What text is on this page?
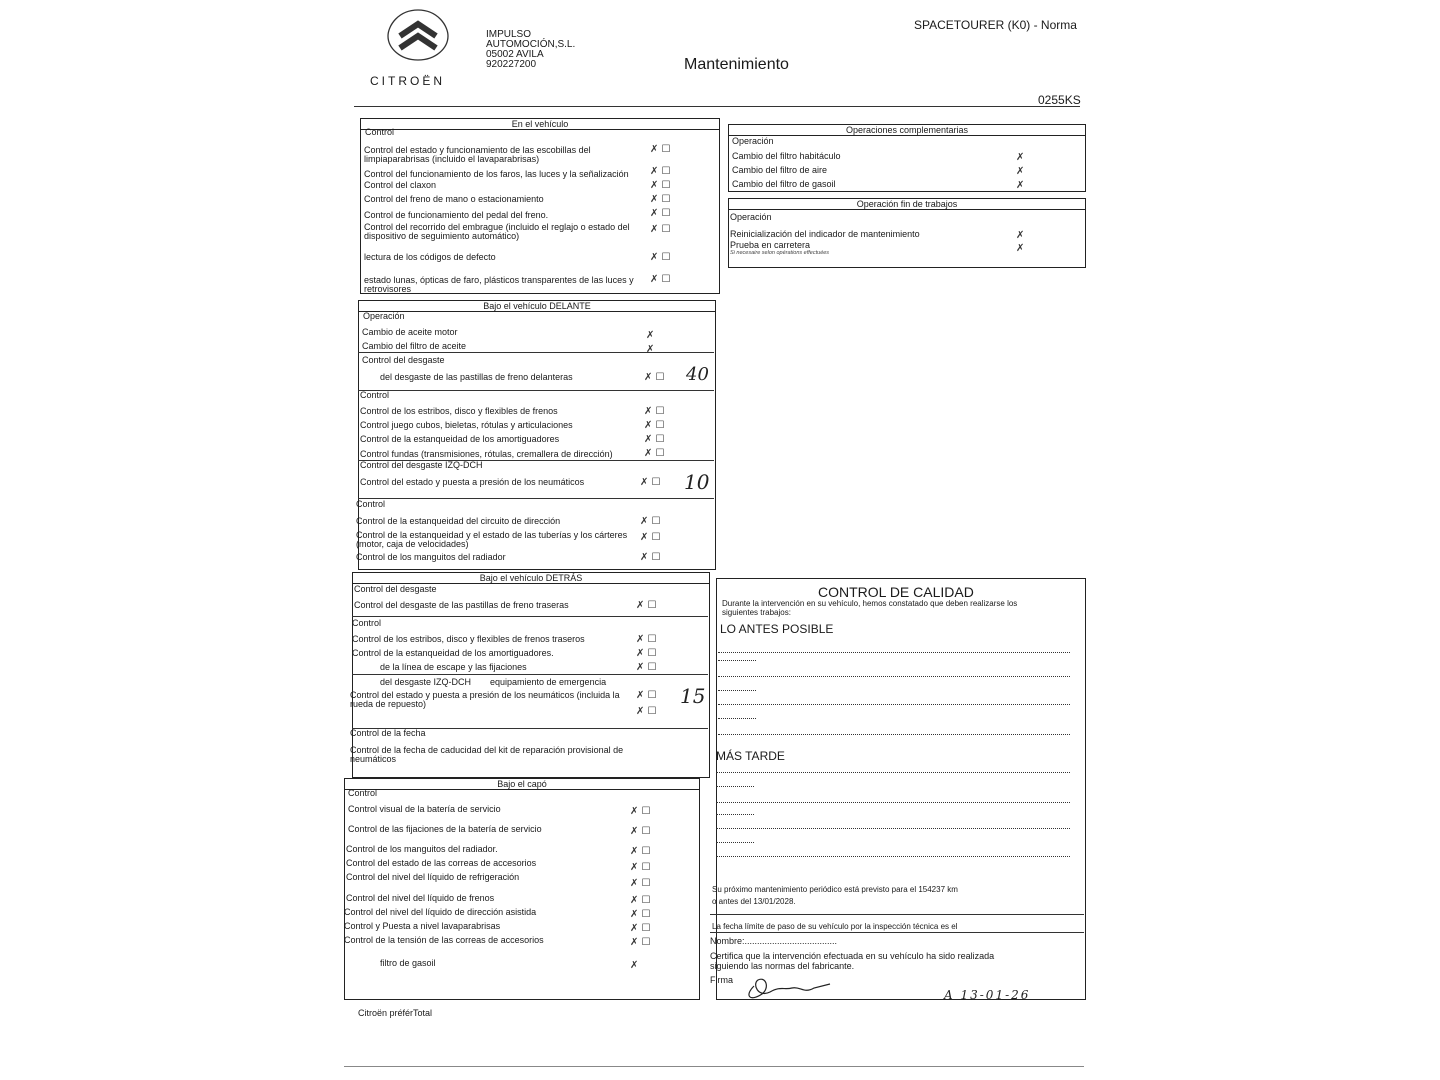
CITROËN
IMPULSO
AUTOMOCIÓN,S.L.
05002 AVILA
920227200
SPACETOURER (K0) - Norma
Mantenimiento
0255KS
En el vehículo
Control
Control del estado y funcionamiento de las escobillas del
limpiaparabrisas (incluido el lavaparabrisas)
Control del funcionamiento de los faros, las luces y la señalización
Control del claxon
Control del freno de mano o estacionamiento
Control de funcionamiento del pedal del freno.
Control del recorrido del embrague (incluido el reglajo o estado del
dispositivo de seguimiento automático)
lectura de los códigos de defecto
estado lunas, ópticas de faro, plásticos transparentes de las luces y
retrovisores
✗ ☐
✗ ☐
✗ ☐
✗ ☐
✗ ☐
✗ ☐
✗ ☐
✗ ☐
Bajo el vehículo DELANTE
Operación
Cambio de aceite motor
Cambio del filtro de aceite
Control del desgaste
del desgaste de las pastillas de freno delanteras
Control
Control de los estribos, disco y flexibles de frenos
Control juego cubos, bieletas, rótulas y articulaciones
Control de la estanqueidad de los amortiguadores
Control fundas (transmisiones, rótulas, cremallera de dirección)
Control del desgaste IZQ-DCH
Control del estado y puesta a presión de los neumáticos
Control
Control de la estanqueidad del circuito de dirección
Control de la estanqueidad y el estado de las tuberías y los cárteres
(motor, caja de velocidades)
Control de los manguitos del radiador
✗
✗
✗ ☐ 40
✗ ☐
✗ ☐
✗ ☐
✗ ☐
✗ ☐ 10
✗ ☐
✗ ☐
✗ ☐
Bajo el vehículo DETRÁS
Control del desgaste
Control del desgaste de las pastillas de freno traseras
Control
Control de los estribos, disco y flexibles de frenos traseros
Control de la estanqueidad de los amortiguadores.
de la línea de escape y las fijaciones
del desgaste IZQ-DCH equipamiento de emergencia
Control del estado y puesta a presión de los neumáticos (incluida la
rueda de repuesto)
Control de la fecha
Control de la fecha de caducidad del kit de reparación provisional de
neumáticos
✗ ☐
✗ ☐
✗ ☐
✗ ☐
✗ ☐
✗ ☐
15
Bajo el capó
Control
Control visual de la batería de servicio
Control de las fijaciones de la batería de servicio
Control de los manguitos del radiador.
Control del estado de las correas de accesorios
Control del nivel del líquido de refrigeración
Control del nivel del líquido de frenos
Control del nivel del líquido de dirección asistida
Control y Puesta a nivel lavaparabrisas
Control de la tensión de las correas de accesorios
filtro de gasoil
✗ ☐
✗ ☐
✗ ☐
✗ ☐
✗ ☐
✗ ☐
✗ ☐
✗ ☐
✗ ☐
✗
Operaciones complementarias
Operación
Cambio del filtro habitáculo
Cambio del filtro de aire
Cambio del filtro de gasoil
✗
✗
✗
Operación fin de trabajos
Operación
Reinicialización del indicador de mantenimiento
Prueba en carretera
Si necesaire selon opérations effectuées
✗
✗
CONTROL DE CALIDAD
Durante la intervención en su vehículo, hemos constatado que deben realizarse los
siguientes trabajos:
LO ANTES POSIBLE
MÁS TARDE
Su próximo mantenimiento periódico está previsto para el 154237 km
o antes del 13/01/2028.
La fecha límite de paso de su vehículo por la inspección técnica es el
Nombre:.....................................
Certifica que la intervención efectuada en su vehículo ha sido realizada
siguiendo las normas del fabricante.
Firma
A 13-01-26
Citroën préférTotal
